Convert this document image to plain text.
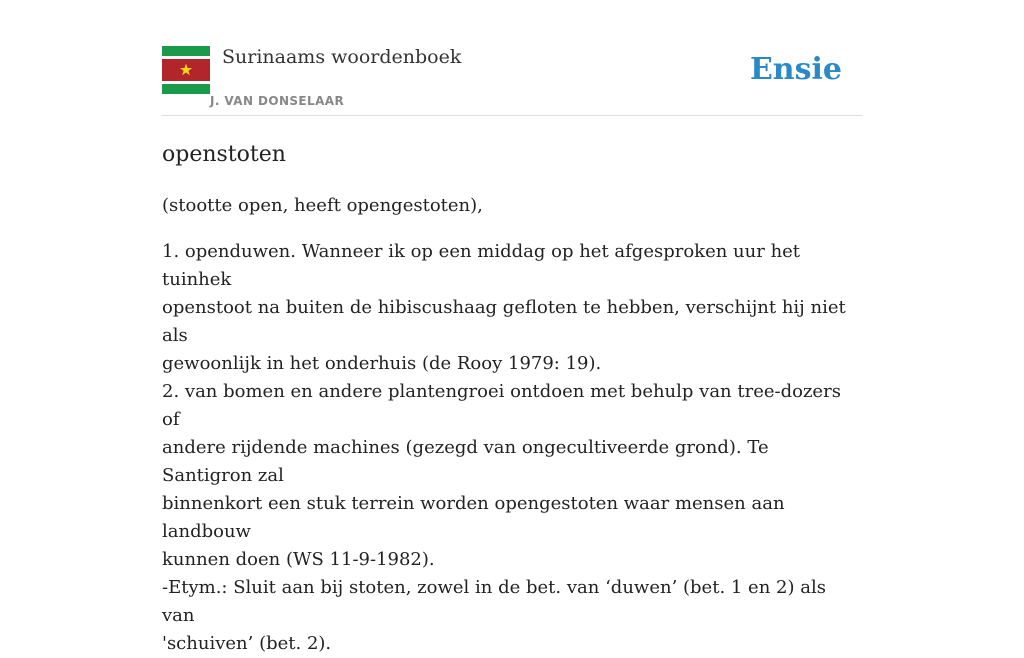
Surinaams woordenboek
J. VAN DONSELAAR
Ensie
openstoten

(stootte open, heeft opengestoten),

1. openduwen. Wanneer ik op een middag op het afgesproken uur het tuinhek

openstoot na buiten de hibiscushaag gefloten te hebben, verschijnt hij niet als

gewoonlijk in het onderhuis (de Rooy 1979: 19).

2. van bomen en andere plantengroei ontdoen met behulp van tree-dozers of

andere rijdende machines (gezegd van ongecultiveerde grond). Te Santigron zal

binnenkort een stuk terrein worden opengestoten waar mensen aan landbouw

kunnen doen (WS 11-9-1982).

-Etym.: Sluit aan bij stoten, zowel in de bet. van ‘duwen’ (bet. 1 en 2) als van

'schuiven’ (bet. 2).
